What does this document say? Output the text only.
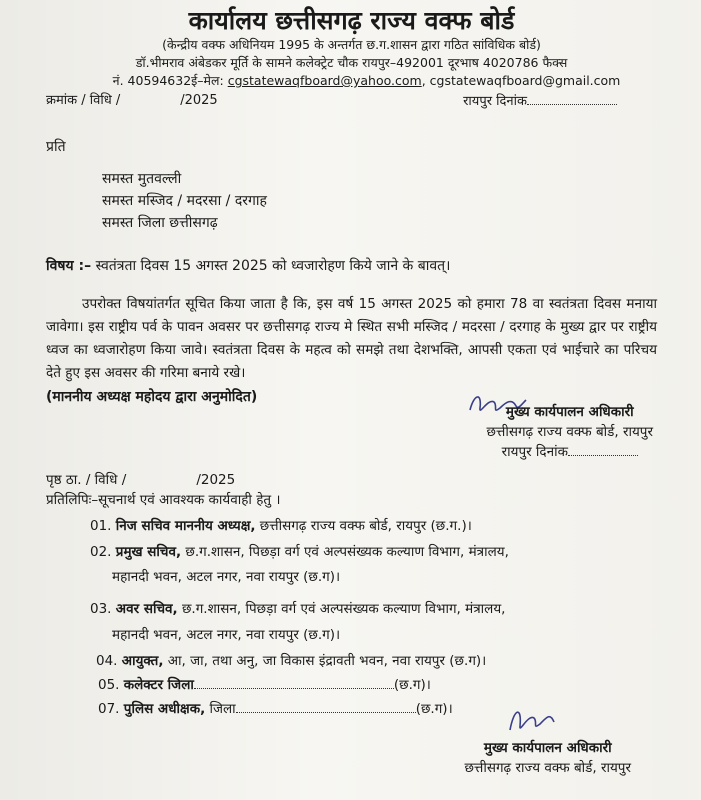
कार्यालय छत्तीसगढ़ राज्य वक्फ बोर्ड
(केन्द्रीय वक्फ अधिनियम 1995 के अन्तर्गत छ.ग.शासन द्वारा गठित सांविधिक बोर्ड)
डॉ.भीमराव अंबेडकर मूर्ति के सामने कलेक्ट्रेट चौक रायपुर–492001 दूरभाष 4020786 फैक्स
नं. 40594632ई–मेल: cgstatewaqfboard@yahoo.com, cgstatewaqfboard@gmail.com
क्रमांक / विधि /	/2025	रायपुर दिनांक
प्रति
समस्त मुतवल्ली
समस्त मस्जिद / मदरसा / दरगाह
समस्त जिला छत्तीसगढ़
विषय :– स्वतंत्रता दिवस 15 अगस्त 2025 को ध्वजारोहण किये जाने के बावत्।
उपरोक्त विषयांतर्गत सूचित किया जाता है कि, इस वर्ष 15 अगस्त 2025 को हमारा 78 वा स्वतंत्रता दिवस मनाया जावेगा। इस राष्ट्रीय पर्व के पावन अवसर पर छत्तीसगढ़ राज्य मे स्थित सभी मस्जिद / मदरसा / दरगाह के मुख्य द्वार पर राष्ट्रीय ध्वज का ध्वजारोहण किया जावे। स्वतंत्रता दिवस के महत्व को समझे तथा देशभक्ति, आपसी एकता एवं भाईचारे का परिचय देते हुए इस अवसर की गरिमा बनाये रखे।
(माननीय अध्यक्ष महोदय द्वारा अनुमोदित)
मुख्य कार्यपालन अधिकारी
छत्तीसगढ़ राज्य वक्फ बोर्ड, रायपुर
रायपुर दिनांक
पृष्ठ ठा. / विधि /	/2025
प्रतिलिपिः–सूचनार्थ एवं आवश्यक कार्यवाही हेतु ।
01. निज सचिव माननीय अध्यक्ष, छत्तीसगढ़ राज्य वक्फ बोर्ड, रायपुर (छ.ग.)।
02. प्रमुख सचिव, छ.ग.शासन, पिछड़ा वर्ग एवं अल्पसंख्यक कल्याण विभाग, मंत्रालय,
महानदी भवन, अटल नगर, नवा रायपुर (छ.ग)।
03. अवर सचिव, छ.ग.शासन, पिछड़ा वर्ग एवं अल्पसंख्यक कल्याण विभाग, मंत्रालय,
महानदी भवन, अटल नगर, नवा रायपुर (छ.ग)।
04. आयुक्त, आ, जा, तथा अनु, जा विकास इंद्रावती भवन, नवा रायपुर (छ.ग)।
05. कलेक्टर जिला	(छ.ग)।
07. पुलिस अधीक्षक, जिला	(छ.ग)।
मुख्य कार्यपालन अधिकारी
छत्तीसगढ़ राज्य वक्फ बोर्ड, रायपुर
